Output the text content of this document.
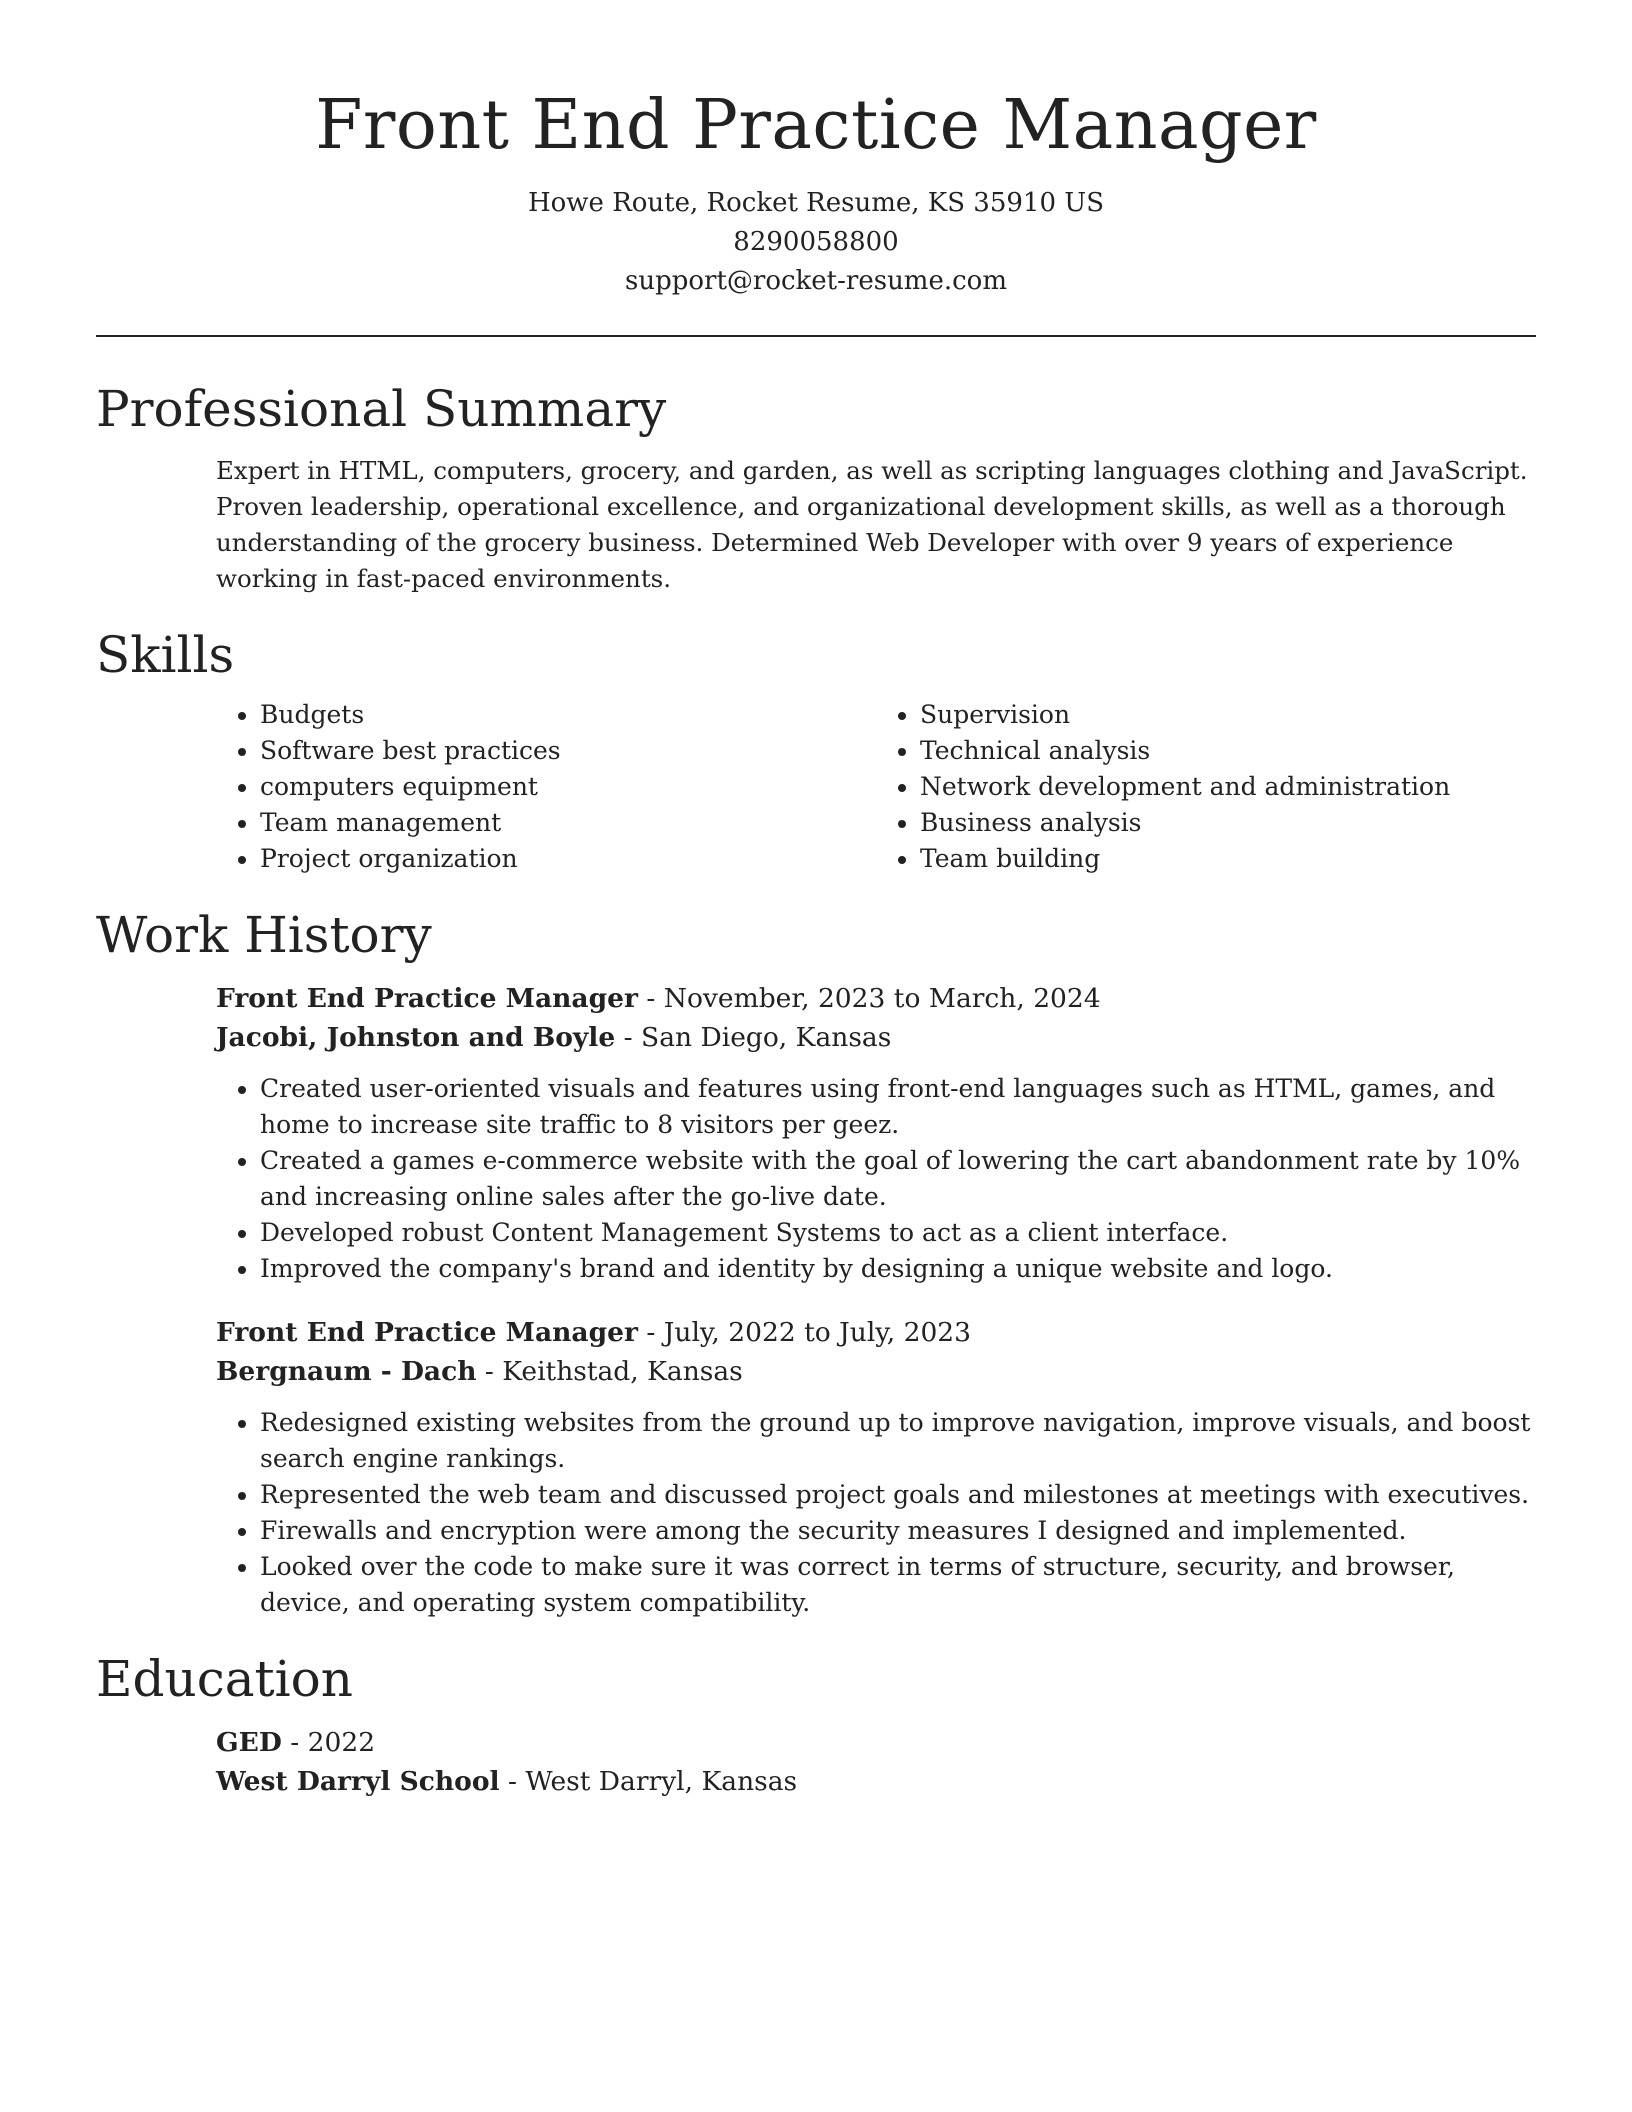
Front End Practice Manager
Howe Route, Rocket Resume, KS 35910 US
8290058800
support@rocket-resume.com
Professional Summary

Expert in HTML, computers, grocery, and garden, as well as scripting languages clothing and JavaScript. Proven leadership, operational excellence, and organizational development skills, as well as a thorough understanding of the grocery business. Determined Web Developer with over 9 years of experience working in fast-paced environments.

Skills
• Budgets
• Software best practices
• computers equipment
• Team management
• Project organization
• Supervision
• Technical analysis
• Network development and administration
• Business analysis
• Team building
Work History
Front End Practice Manager - November, 2023 to March, 2024
Jacobi, Johnston and Boyle - San Diego, Kansas
• Created user-oriented visuals and features using front-end languages such as HTML, games, and home to increase site traffic to 8 visitors per geez.
• Created a games e-commerce website with the goal of lowering the cart abandonment rate by 10% and increasing online sales after the go-live date.
• Developed robust Content Management Systems to act as a client interface.
• Improved the company's brand and identity by designing a unique website and logo.
Front End Practice Manager - July, 2022 to July, 2023
Bergnaum - Dach - Keithstad, Kansas
• Redesigned existing websites from the ground up to improve navigation, improve visuals, and boost search engine rankings.
• Represented the web team and discussed project goals and milestones at meetings with executives.
• Firewalls and encryption were among the security measures I designed and implemented.
• Looked over the code to make sure it was correct in terms of structure, security, and browser, device, and operating system compatibility.
Education
GED - 2022
West Darryl School - West Darryl, Kansas
